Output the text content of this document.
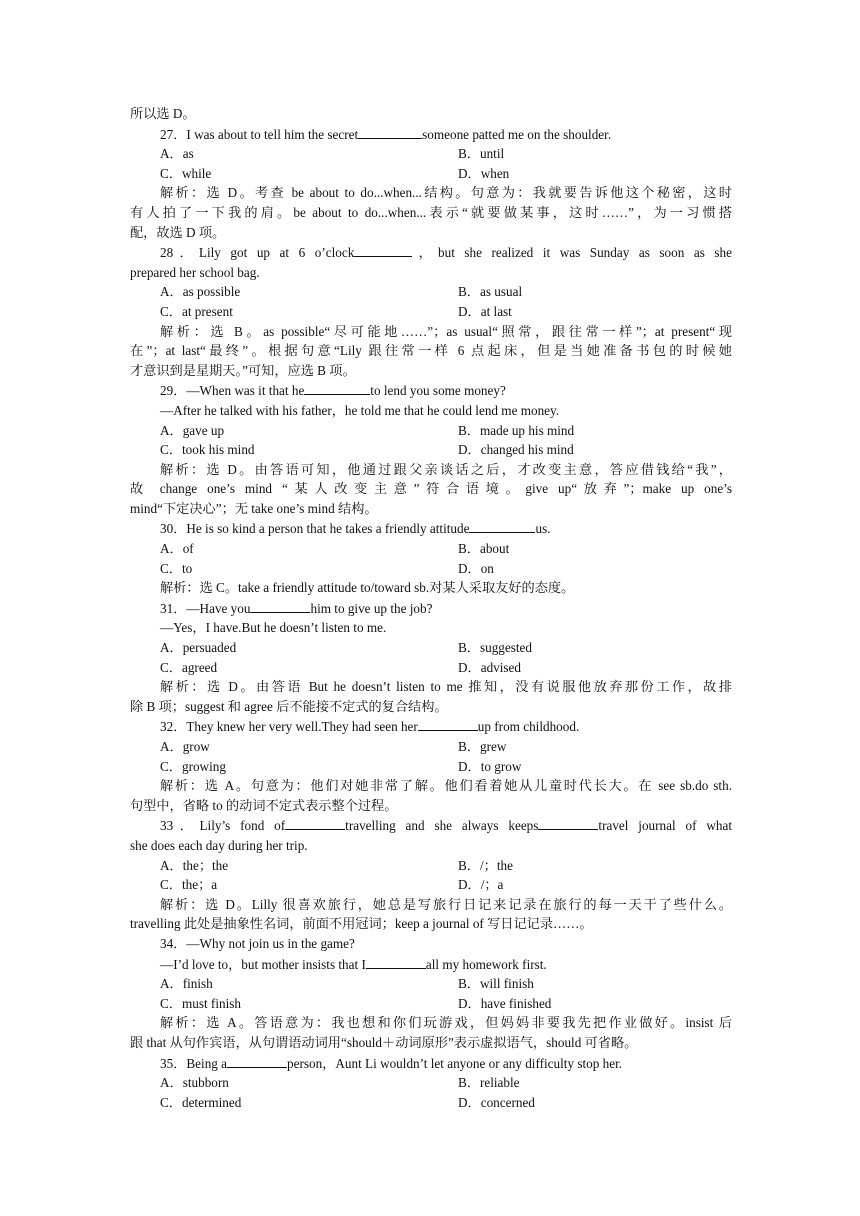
所以选 D。
27．I was about to tell him the secret	someone patted me on the shoulder.
A．as	B．until
C．while	D．when
解析：选 D。考查 be about to do...when...结构。句意为：我就要告诉他这个秘密，这时
有人拍了一下我的肩。be about to do...when...表示“就要做某事，这时……”，为一习惯搭
配，故选 D 项。
28．Lily got up at 6 o’clock	，but she realized it was Sunday as soon as she
prepared her school bag.
A．as possible	B．as usual
C．at present	D．at last
解析：选 B。as possible“尽可能地……”；as usual“照常，跟往常一样”；at present“现
在”；at last“最终”。根据句意“Lily 跟往常一样 6 点起床，但是当她准备书包的时候她
才意识到是星期天。”可知，应选 B 项。
29．—When was it that he	to lend you some money?
—After he talked with his father，he told me that he could lend me money.
A．gave up	B．made up his mind
C．took his mind	D．changed his mind
解析：选 D。由答语可知，他通过跟父亲谈话之后，才改变主意，答应借钱给“我”，
故 change one’s mind “某人改变主意”符合语境。give up“放弃”；make up one’s
mind“下定决心”；无 take one’s mind 结构。
30．He is so kind a person that he takes a friendly attitude	us.
A．of	B．about
C．to	D．on
解析：选 C。take a friendly attitude to/toward sb.对某人采取友好的态度。
31．—Have you	him to give up the job?
—Yes，I have.But he doesn’t listen to me.
A．persuaded	B．suggested
C．agreed	D．advised
解析：选 D。由答语 But he doesn’t listen to me 推知，没有说服他放弃那份工作，故排
除 B 项；suggest 和 agree 后不能接不定式的复合结构。
32．They knew her very well.They had seen her	up from childhood.
A．grow	B．grew
C．growing	D．to grow
解析：选 A。句意为：他们对她非常了解。他们看着她从儿童时代长大。在 see sb.do sth.
句型中，省略 to 的动词不定式表示整个过程。
33．Lily’s fond of	travelling and she always keeps	travel journal of what
she does each day during her trip.
A．the；the	B．/；the
C．the；a	D．/；a
解析：选 D。Lilly 很喜欢旅行，她总是写旅行日记来记录在旅行的每一天干了些什么。
travelling 此处是抽象性名词，前面不用冠词；keep a journal of 写日记记录……。
34．—Why not join us in the game?
—I’d love to，but mother insists that I	all my homework first.
A．finish	B．will finish
C．must finish	D．have finished
解析：选 A。答语意为：我也想和你们玩游戏，但妈妈非要我先把作业做好。insist 后
跟 that 从句作宾语，从句谓语动词用“should＋动词原形”表示虚拟语气，should 可省略。
35．Being a	person，Aunt Li wouldn’t let anyone or any difficulty stop her.
A．stubborn	B．reliable
C．determined	D．concerned
